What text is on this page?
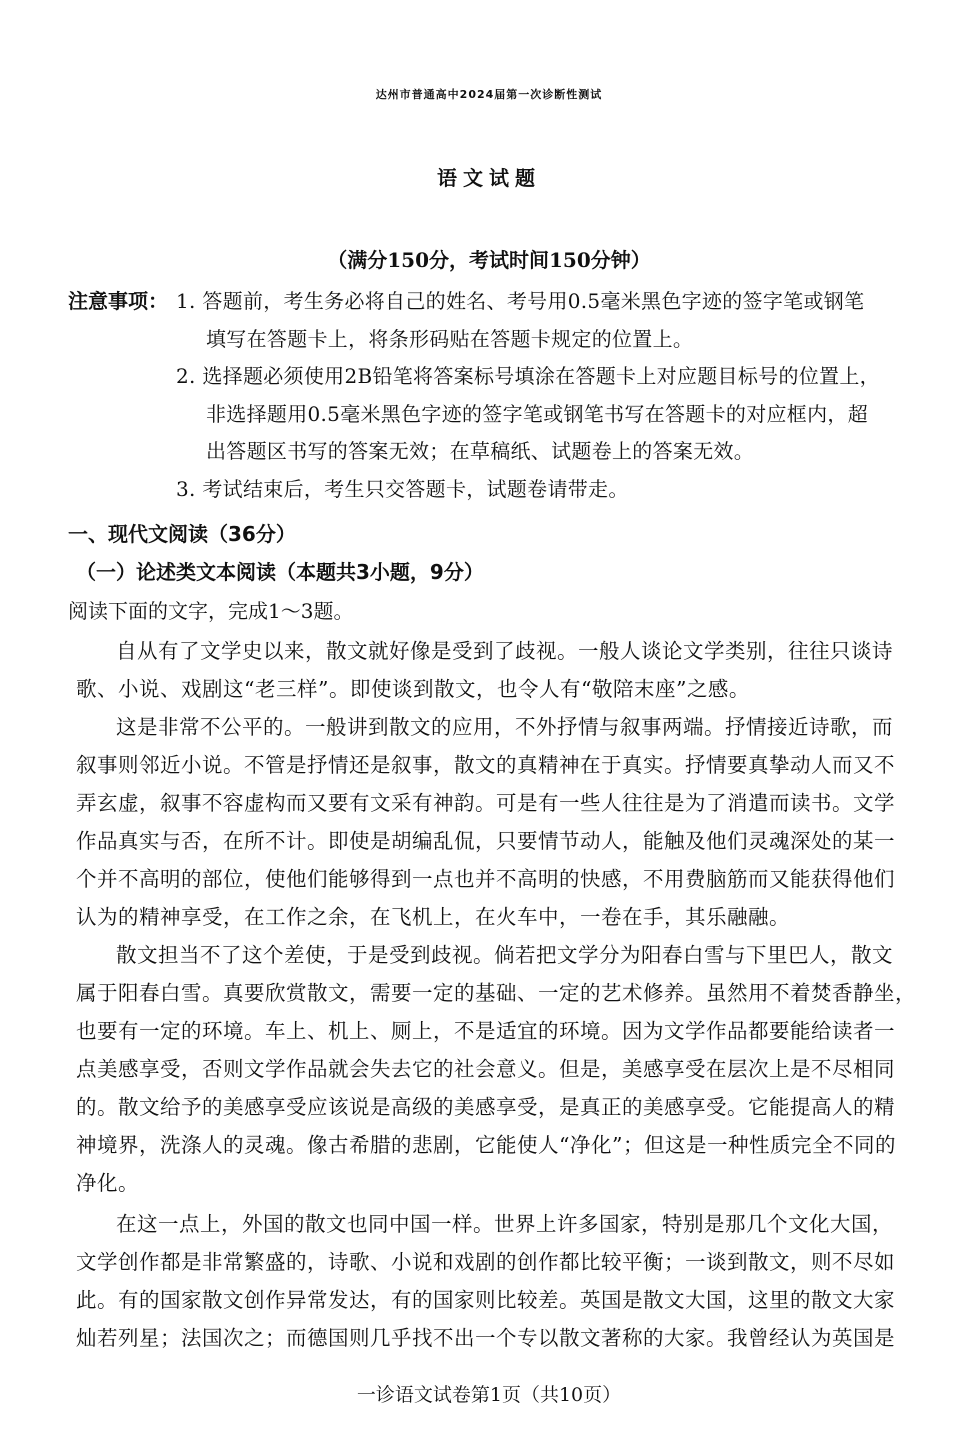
达州市普通高中2024届第一次诊断性测试
语文试题
（满分150分，考试时间150分钟）
注意事项： 1. 答题前，考生务必将自己的姓名、考号用0.5毫米黑色字迹的签字笔或钢笔
填写在答题卡上，将条形码贴在答题卡规定的位置上。
2. 选择题必须使用2B铅笔将答案标号填涂在答题卡上对应题目标号的位置上，
非选择题用0.5毫米黑色字迹的签字笔或钢笔书写在答题卡的对应框内，超
出答题区书写的答案无效；在草稿纸、试题卷上的答案无效。
3. 考试结束后，考生只交答题卡，试题卷请带走。
一、现代文阅读（36分）
（一）论述类文本阅读（本题共3小题，9分）
阅读下面的文字，完成1～3题。
自从有了文学史以来，散文就好像是受到了歧视。一般人谈论文学类别，往往只谈诗
歌、小说、戏剧这“老三样”。即使谈到散文，也令人有“敬陪末座”之感。
这是非常不公平的。一般讲到散文的应用，不外抒情与叙事两端。抒情接近诗歌，而
叙事则邻近小说。不管是抒情还是叙事，散文的真精神在于真实。抒情要真挚动人而又不
弄玄虚，叙事不容虚构而又要有文采有神韵。可是有一些人往往是为了消遣而读书。文学
作品真实与否，在所不计。即使是胡编乱侃，只要情节动人，能触及他们灵魂深处的某一
个并不高明的部位，使他们能够得到一点也并不高明的快感，不用费脑筋而又能获得他们
认为的精神享受，在工作之余，在飞机上，在火车中，一卷在手，其乐融融。
散文担当不了这个差使，于是受到歧视。倘若把文学分为阳春白雪与下里巴人，散文
属于阳春白雪。真要欣赏散文，需要一定的基础、一定的艺术修养。虽然用不着焚香静坐，
也要有一定的环境。车上、机上、厕上，不是适宜的环境。因为文学作品都要能给读者一
点美感享受，否则文学作品就会失去它的社会意义。但是，美感享受在层次上是不尽相同
的。散文给予的美感享受应该说是高级的美感享受，是真正的美感享受。它能提高人的精
神境界，洗涤人的灵魂。像古希腊的悲剧，它能使人“净化”；但这是一种性质完全不同的
净化。
在这一点上，外国的散文也同中国一样。世界上许多国家，特别是那几个文化大国，
文学创作都是非常繁盛的，诗歌、小说和戏剧的创作都比较平衡；一谈到散文，则不尽如
此。有的国家散文创作异常发达，有的国家则比较差。英国是散文大国，这里的散文大家
灿若列星；法国次之；而德国则几乎找不出一个专以散文著称的大家。我曾经认为英国是
一诊语文试卷第1页（共10页）
